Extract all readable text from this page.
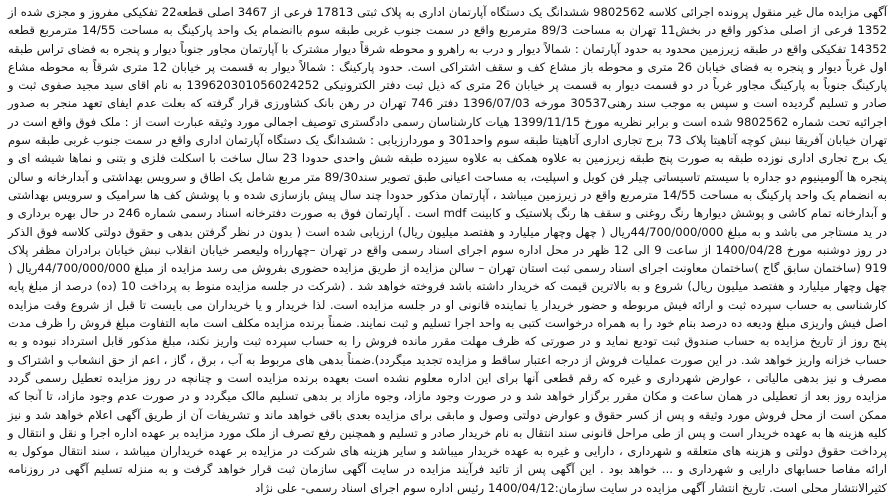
آگهی مزایده مال غیر منقول پرونده اجرائی کلاسه 9802562 ششدانگ یک دستگاه آپارتمان اداری به پلاک ثبتی 17813 فرعی از 3467 اصلی قطعه22 تفکیکی مفروز و مجزی شده از 1352 فرعی از اصلی مذکور واقع در بخش11 تهران به مساحت 89/3 مترمربع واقع در سمت جنوب غربی طبقه سوم باانضمام یک واحد پارکینگ به مساحت 14/55 مترمربع قطعه 14352 تفکیکی واقع در طبقه زیرزمین محدود به حدود آپارتمان : شمالاً دیوار و درب به راهرو و محوطه شرقاً دیوار مشترک با آپارتمان مجاور جنوباً دیوار و پنجره به فضای تراس طبقه اول غرباً دیوار و پنجره به فضای خیابان 26 متری و محوطه باز مشاع کف و سقف اشتراکی است. حدود پارکینگ : شمالاً دیوار به قسمت پر خیابان 12 متری شرقاً به محوطه مشاع پارکینگ جنوباً به پارکینگ مجاور غرباً در دو قسمت دیوار به قسمت پر خیابان 26 متری که ذیل ثبت دفتر الکترونیکی 139620301056024252 به نام اقای سید مجید صفوی ثبت و صادر و تسلیم گردیده است و سپس به موجب سند رهنی30537 مورخه 1396/07/03 دفتر 746 تهران در رهن بانک کشاورزی قرار گرفته که بعلت عدم ایفای تعهد منجر به صدور اجرائیه تحت شماره 9802562 شده است و برابر نظریه مورخ 1399/11/15 هیات کارشناسان رسمی دادگستری توصیف اجمالی مورد وثیقه عبارت است از : ملک فوق واقع است در تهران خیابان آفریقا نبش کوچه آتاهیتا پلاک 73 برج تجاری اداری آتاهیتا طبقه سوم واحد301 و موردارزیابی : ششدانگ یک دستگاه آپارتمان اداری واقع در سمت جنوب غربی طبقه سوم یک برج تجاری اداری نوزده طبقه به صورت پنج طبقه زیرزمین به علاوه همکف به علاوه سیزده طبقه شش واحدی حدودا 23 سال ساخت با اسکلت فلزی و بتنی و نماها شیشه ای و پنجره ها آلومینیوم دو جداره با سیستم تاسیساتی چیلر فن کویل و اسپلیت، به مساحت اعیانی طبق تصویر سند89/30 متر مربع شامل یک اطاق و سرویس بهداشتی و آبدارخانه و سالن به انضمام یک واحد پارکینگ به مساحت 14/55 مترمربع واقع در زیرزمین میباشد ، آپارتمان مذکور حدودا چند سال پیش بازسازی شده و با پوشش کف ها سرامیک و سرویس بهداشتی و آبدارخانه تمام کاشی و پوشش دیوارها رنگ روغنی و سقف ها رنگ پلاستیک و کابینت mdf است . آپارتمان فوق به صورت دفترخانه اسناد رسمی شماره 246 در حال بهره برداری و در ید مستاجر می باشد و به مبلغ 44/700/000/000ریال ( چهل وچهار میلیارد و هفتصد میلیون ریال) ارزیابی شده است ( بدون در نظر گرفتن بدهی و حقوق دولتی کلاسه فوق الذکر در روز دوشنبه مورخ 1400/04/28 از ساعت 9 الی 12 ظهر در محل اداره سوم اجرای اسناد رسمی واقع در تهران –چهارراه ولیعصر خیابان انقلاب نبش خیابان برادران مظفر پلاک 919 (ساختمان سابق گاج )ساختمان معاونت اجرای اسناد رسمی ثبت استان تهران – سالن مزایده از طریق مزایده حضوری بفروش می رسد مزایده از مبلغ 44/700/000/000ریال ( چهل وچهار میلیارد و هفتصد میلیون ریال) شروع و به بالاترین قیمت که خریدار داشته باشد فروخته خواهد شد . (شرکت در جلسه مزایده منوط به پرداخت 10 (ده) درصد از مبلغ پایه کارشناسی به حساب سپرده ثبت و ارائه فیش مربوطه و حضور خریدار یا نماینده قانونی او در جلسه مزایده است. لذا خریدار و یا خریداران می بایست تا قبل از شروع وقت مزایده اصل فیش واریزی مبلغ ودیعه ده درصد بنام خود را به همراه درخواست کتبی به واحد اجرا تسلیم و ثبت نمایند. ضمناً برنده مزایده مکلف است مابه التفاوت مبلغ فروش را ظرف مدت پنج روز از تاریخ مزایده به حساب صندوق ثبت تودیع نماید و در صورتی که ظرف مهلت مقرر مانده فروش را به حساب سپرده ثبت واریز نکند، مبلغ مذکور قابل استرداد نبوده و به حساب خزانه واریز خواهد شد. در این صورت عملیات فروش از درجه اعتبار ساقط و مزایده تجدید میگردد).ضمناً بدهی های مربوط به آب ، برق ، گاز ، اعم از حق انشعاب و اشتراک و مصرف و نیز بدهی مالیاتی ، عوارض شهرداری و غیره که رقم قطعی آنها برای این اداره معلوم نشده است بعهده برنده مزایده است و چنانچه در روز مزایده تعطیل رسمی گردد مزایده روز بعد از تعطیلی در همان ساعت و مکان مقرر برگزار خواهد شد و در صورت وجود مازاد، وجوه مازاد بر بدهی تسلیم مالک میگردد و در صورت عدم وجود مازاد، تا آنجا که ممکن است از محل فروش مورد وثیقه و پس از کسر حقوق و عوارض دولتی وصول و مابقی برای مزایده بعدی باقی خواهد ماند و تشریفات آن از طریق آگهی اعلام خواهد شد و نیز کلیه هزینه ها به عهده خریدار است و پس از طی مراحل قانونی سند انتقال به نام خریدار صادر و تسلیم و همچنین رفع تصرف از ملک مورد مزایده بر عهده اداره اجرا و نقل و انتقال و پرداخت حقوق دولتی و هزینه های متعلقه و شهرداری ، دارایی و غیره به عهده خریدار میباشد و سایر هزینه های شرکت در مزایده بر عهده خریداران میباشد ، سند انتقال موکول به ارائه مفاصا حسابهای دارایی و شهرداری و ... خواهد بود . این آگهی پس از تائید فرآیند مزایده در سایت آگهی سازمان ثبت قرار خواهد گرفت و به منزله تسلیم آگهی در روزنامه کثیرالانتشار محلی است. تاریخ انتشار آگهی مزایده در سایت سازمان:1400/04/12 رئیس اداره سوم اجرای اسناد رسمی- علی نژاد
